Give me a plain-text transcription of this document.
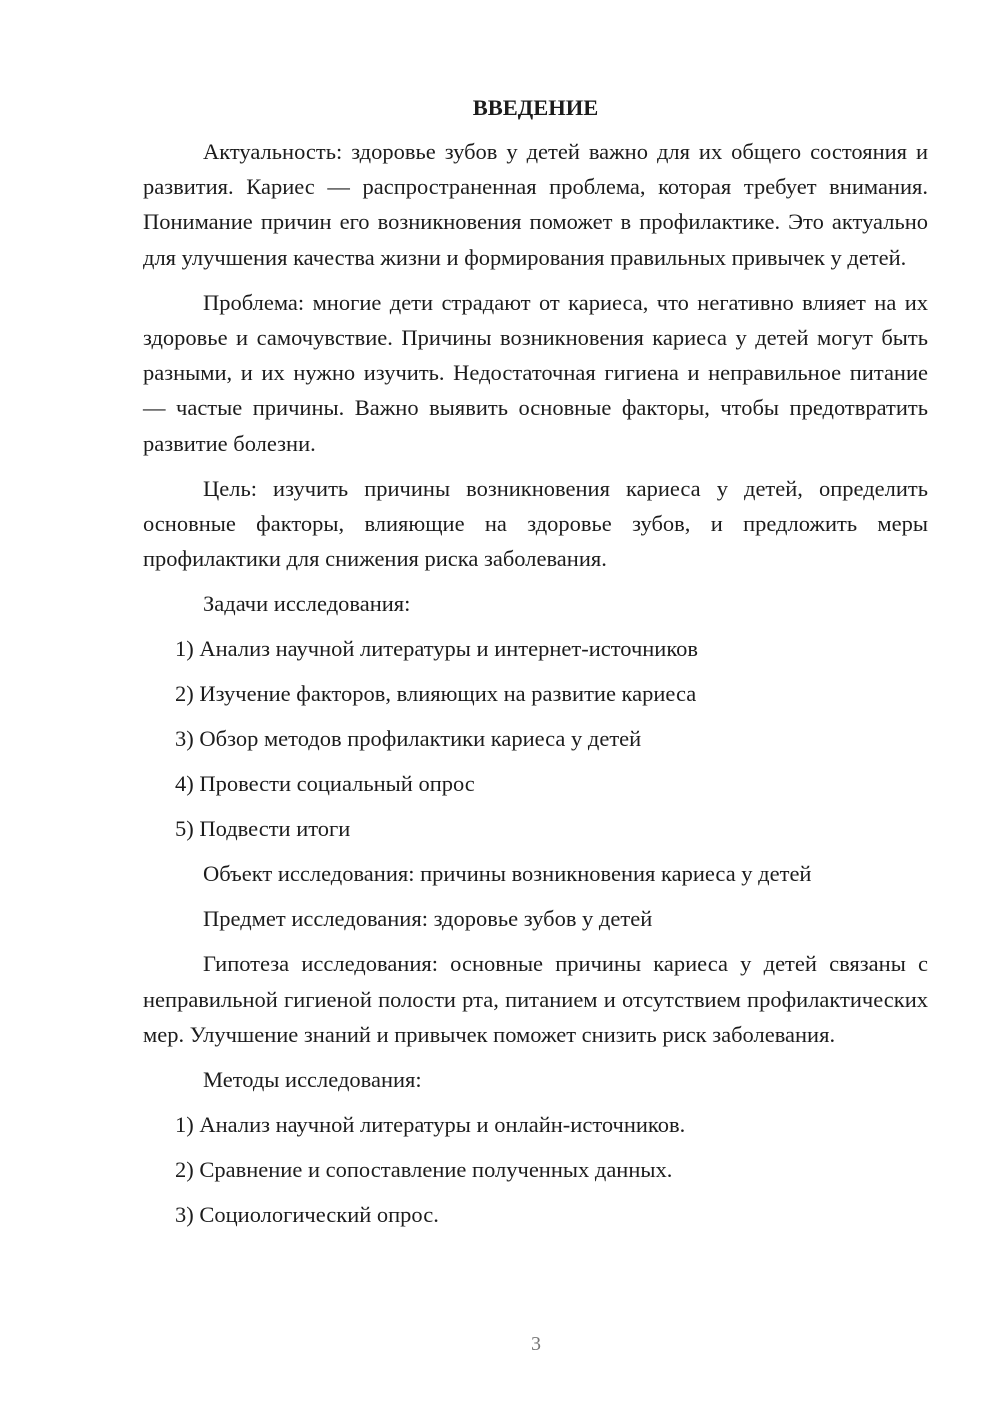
ВВЕДЕНИЕ

Актуальность: здоровье зубов у детей важно для их общего состояния и развития. Кариес — распространенная проблема, которая требует внимания. Понимание причин его возникновения поможет в профилактике. Это актуально для улучшения качества жизни и формирования правильных привычек у детей.

Проблема: многие дети страдают от кариеса, что негативно влияет на их здоровье и самочувствие. Причины возникновения кариеса у детей могут быть разными, и их нужно изучить. Недостаточная гигиена и неправильное питание — частые причины. Важно выявить основные факторы, чтобы предотвратить развитие болезни.

Цель: изучить причины возникновения кариеса у детей, определить основные факторы, влияющие на здоровье зубов, и предложить меры профилактики для снижения риска заболевания.

Задачи исследования:
1) Анализ научной литературы и интернет-источников
2) Изучение факторов, влияющих на развитие кариеса
3) Обзор методов профилактики кариеса у детей
4) Провести социальный опрос
5) Подвести итоги
Объект исследования: причины возникновения кариеса у детей
Предмет исследования: здоровье зубов у детей

Гипотеза исследования: основные причины кариеса у детей связаны с неправильной гигиеной полости рта, питанием и отсутствием профилактических мер. Улучшение знаний и привычек поможет снизить риск заболевания.

Методы исследования:
1) Анализ научной литературы и онлайн-источников.
2) Сравнение и сопоставление полученных данных.
3) Социологический опрос.
3
